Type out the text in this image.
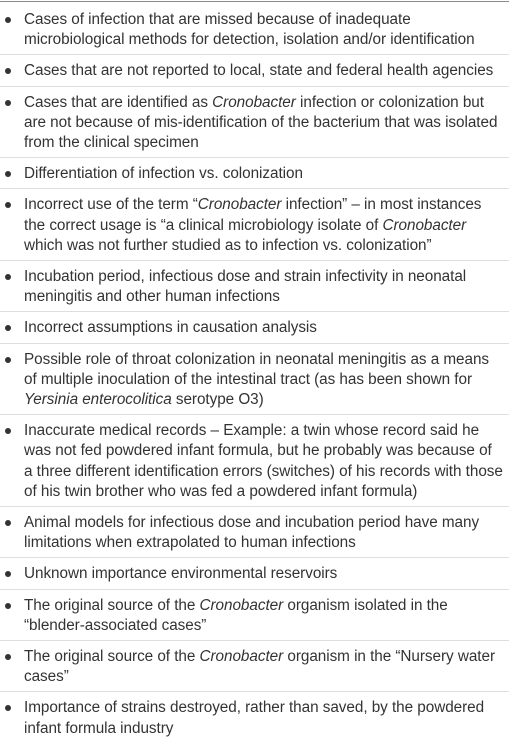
Cases of infection that are missed because of inadequate microbiological methods for detection, isolation and/or identification
Cases that are not reported to local, state and federal health agencies
Cases that are identified as Cronobacter infection or colonization but are not because of mis-identification of the bacterium that was isolated from the clinical specimen
Differentiation of infection vs. colonization
Incorrect use of the term “Cronobacter infection” – in most instances the correct usage is “a clinical microbiology isolate of Cronobacter which was not further studied as to infection vs. colonization”
Incubation period, infectious dose and strain infectivity in neonatal meningitis and other human infections
Incorrect assumptions in causation analysis
Possible role of throat colonization in neonatal meningitis as a means of multiple inoculation of the intestinal tract (as has been shown for Yersinia enterocolitica serotype O3)
Inaccurate medical records – Example: a twin whose record said he was not fed powdered infant formula, but he probably was because of a three different identification errors (switches) of his records with those of his twin brother who was fed a powdered infant formula)
Animal models for infectious dose and incubation period have many limitations when extrapolated to human infections
Unknown importance environmental reservoirs
The original source of the Cronobacter organism isolated in the “blender-associated cases”
The original source of the Cronobacter organism in the “Nursery water cases”
Importance of strains destroyed, rather than saved, by the powdered infant formula industry
